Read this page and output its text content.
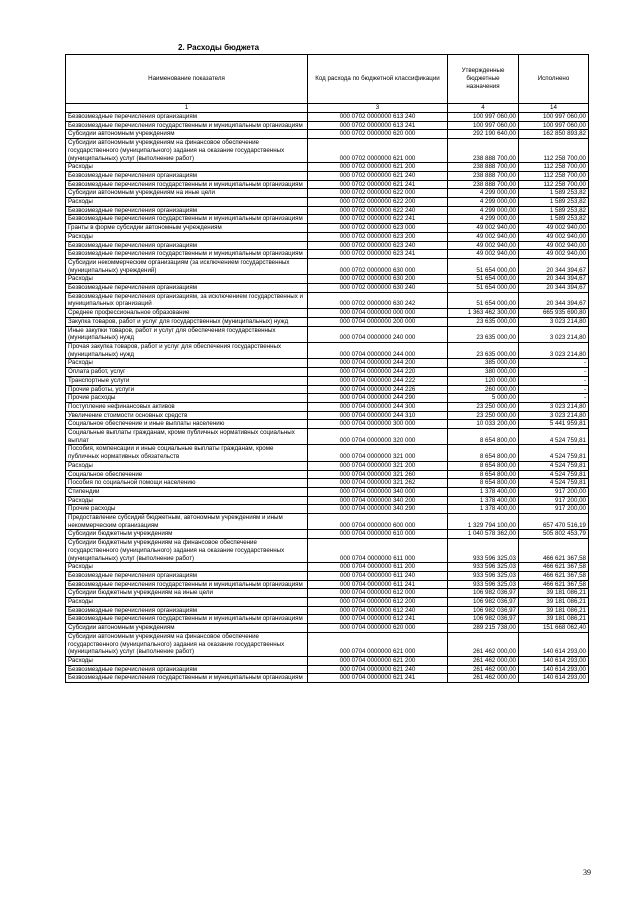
2. Расходы бюджета
Наименование показателя	Код расхода по бюджетной классификации	Утвержденные бюджетные назначения	Исполнено
1	3	4	14
Безвозмездные перечисления организациям	000 0702 0000000 613 240	100 997 060,00	100 997 060,00
Безвозмездные перечисления государственным и муниципальным организациям	000 0702 0000000 613 241	100 997 060,00	100 997 060,00
Субсидии автономным учреждениям	000 0702 0000000 620 000	292 190 640,00	162 850 893,82
Субсидии автономным учреждениям на финансовое обеспечение государственного (муниципального) задания на оказание государственных (муниципальных) услуг (выполнение работ)	000 0702 0000000 621 000	238 888 700,00	112 258 700,00
Расходы	000 0702 0000000 621 200	238 888 700,00	112 258 700,00
Безвозмездные перечисления организациям	000 0702 0000000 621 240	238 888 700,00	112 258 700,00
Безвозмездные перечисления государственным и муниципальным организациям	000 0702 0000000 621 241	238 888 700,00	112 258 700,00
Субсидии автономным учреждениям на иные цели	000 0702 0000000 622 000	4 299 000,00	1 589 253,82
Расходы	000 0702 0000000 622 200	4 299 000,00	1 589 253,82
Безвозмездные перечисления организациям	000 0702 0000000 622 240	4 299 000,00	1 589 253,82
Безвозмездные перечисления государственным и муниципальным организациям	000 0702 0000000 622 241	4 299 000,00	1 589 253,82
Гранты в форме субсидии автономным учреждениям	000 0702 0000000 623 000	49 002 940,00	49 002 940,00
Расходы	000 0702 0000000 623 200	49 002 940,00	49 002 940,00
Безвозмездные перечисления организациям	000 0702 0000000 623 240	49 002 940,00	49 002 940,00
Безвозмездные перечисления государственным и муниципальным организациям	000 0702 0000000 623 241	49 002 940,00	49 002 940,00
Субсидии некоммерческим организациям (за исключением государственных (муниципальных) учреждений)	000 0702 0000000 630 000	51 654 000,00	20 344 394,67
Расходы	000 0702 0000000 630 200	51 654 000,00	20 344 394,67
Безвозмездные перечисления организациям	000 0702 0000000 630 240	51 654 000,00	20 344 394,67
Безвозмездные перечисления организациям, за исключением государственных и муниципальных организаций	000 0702 0000000 630 242	51 654 000,00	20 344 394,67
Среднее профессиональное образование	000 0704 0000000 000 000	1 363 462 300,00	665 935 690,80
Закупка товаров, работ и услуг для государственных (муниципальных) нужд	000 0704 0000000 200 000	23 635 000,00	3 023 214,80
Иные закупки товаров, работ и услуг для обеспечения государственных (муниципальных) нужд	000 0704 0000000 240 000	23 635 000,00	3 023 214,80
Прочая закупка товаров, работ и услуг для обеспечения государственных (муниципальных) нужд	000 0704 0000000 244 000	23 635 000,00	3 023 214,80
Расходы	000 0704 0000000 244 200	385 000,00	-
Оплата работ, услуг	000 0704 0000000 244 220	380 000,00	-
Транспортные услуги	000 0704 0000000 244 222	120 000,00	-
Прочие работы, услуги	000 0704 0000000 244 226	260 000,00	-
Прочие расходы	000 0704 0000000 244 290	5 000,00	-
Поступление нефинансовых активов	000 0704 0000000 244 300	23 250 000,00	3 023 214,80
Увеличение стоимости основных средств	000 0704 0000000 244 310	23 250 000,00	3 023 214,80
Социальное обеспечение и иные выплаты населению	000 0704 0000000 300 000	10 033 200,00	5 441 959,81
Социальные выплаты гражданам, кроме публичных нормативных социальных выплат	000 0704 0000000 320 000	8 654 800,00	4 524 759,81
Пособия, компенсации и иные социальные выплаты гражданам, кроме публичных нормативных обязательств	000 0704 0000000 321 000	8 654 800,00	4 524 759,81
Расходы	000 0704 0000000 321 200	8 654 800,00	4 524 759,81
Социальное обеспечение	000 0704 0000000 321 260	8 654 800,00	4 524 759,81
Пособия по социальной помощи населению	000 0704 0000000 321 262	8 654 800,00	4 524 759,81
Стипендии	000 0704 0000000 340 000	1 378 400,00	917 200,00
Расходы	000 0704 0000000 340 200	1 378 400,00	917 200,00
Прочие расходы	000 0704 0000000 340 290	1 378 400,00	917 200,00
Предоставление субсидий бюджетным, автономным учреждениям и иным некоммерческим организациям	000 0704 0000000 600 000	1 329 794 100,00	657 470 516,19
Субсидии бюджетным учреждениям	000 0704 0000000 610 000	1 040 578 362,00	505 802 453,79
Субсидии бюджетным учреждениям на финансовое обеспечение государственного (муниципального) задания на оказание государственных (муниципальных) услуг (выполнение работ)	000 0704 0000000 611 000	933 596 325,03	466 621 367,58
Расходы	000 0704 0000000 611 200	933 596 325,03	466 621 367,58
Безвозмездные перечисления организациям	000 0704 0000000 611 240	933 596 325,03	466 621 367,58
Безвозмездные перечисления государственным и муниципальным организациям	000 0704 0000000 611 241	933 596 325,03	466 621 367,58
Субсидии бюджетным учреждениям на иные цели	000 0704 0000000 612 000	106 982 036,97	39 181 086,21
Расходы	000 0704 0000000 612 200	106 982 036,97	39 181 086,21
Безвозмездные перечисления организациям	000 0704 0000000 612 240	106 982 036,97	39 181 086,21
Безвозмездные перечисления государственным и муниципальным организациям	000 0704 0000000 612 241	106 982 036,97	39 181 086,21
Субсидии автономным учреждениям	000 0704 0000000 620 000	289 215 738,00	151 668 062,40
Субсидии автономным учреждениям на финансовое обеспечение государственного (муниципального) задания на оказание государственных (муниципальных) услуг (выполнение работ)	000 0704 0000000 621 000	261 462 000,00	140 614 293,00
Расходы	000 0704 0000000 621 200	261 462 000,00	140 614 293,00
Безвозмездные перечисления организациям	000 0704 0000000 621 240	261 462 000,00	140 614 293,00
Безвозмездные перечисления государственным и муниципальным организациям	000 0704 0000000 621 241	261 462 000,00	140 614 293,00
39
